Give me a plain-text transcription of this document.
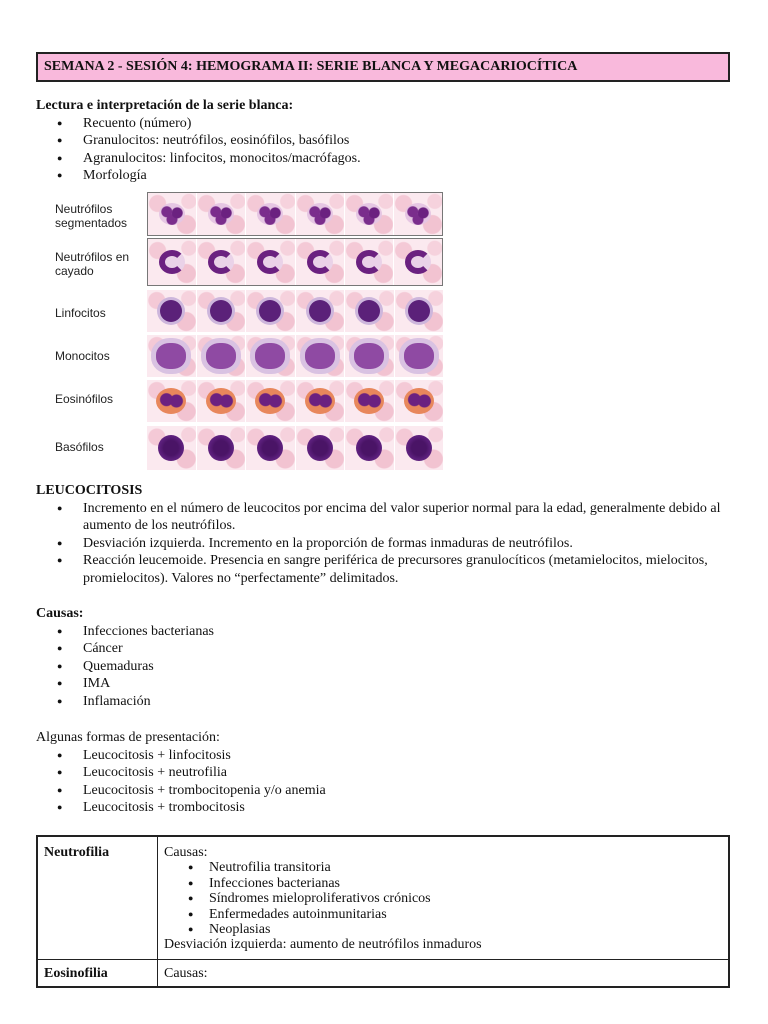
SEMANA 2 - SESIÓN 4: HEMOGRAMA II: SERIE BLANCA Y MEGACARIOCÍTICA
Lectura e interpretación de la serie blanca:
● Recuento (número)
● Granulocitos: neutrófilos, eosinófilos, basófilos
● Agranulocitos: linfocitos, monocitos/macrófagos.
● Morfología
Neutrófilos segmentados
Neutrófilos en cayado
Linfocitos
Monocitos
Eosinófilos
Basófilos
LEUCOCITOSIS
● Incremento en el número de leucocitos por encima del valor superior normal para la edad, generalmente debido al aumento de los neutrófilos.
● Desviación izquierda. Incremento en la proporción de formas inmaduras de neutrófilos.
● Reacción leucemoide. Presencia en sangre periférica de precursores granulocíticos (metamielocitos, mielocitos, promielocitos). Valores no “perfectamente” delimitados.
Causas:
● Infecciones bacterianas
● Cáncer
● Quemaduras
● IMA
● Inflamación
Algunas formas de presentación:
● Leucocitosis + linfocitosis
● Leucocitosis + neutrofilia
● Leucocitosis + trombocitopenia y/o anemia
● Leucocitosis + trombocitosis
Neutrofilia	Causas:
● Neutrofilia transitoria
● Infecciones bacterianas
● Síndromes mieloproliferativos crónicos
● Enfermedades autoinmunitarias
● Neoplasias
Desviación izquierda: aumento de neutrófilos inmaduros
Eosinofilia	Causas:
